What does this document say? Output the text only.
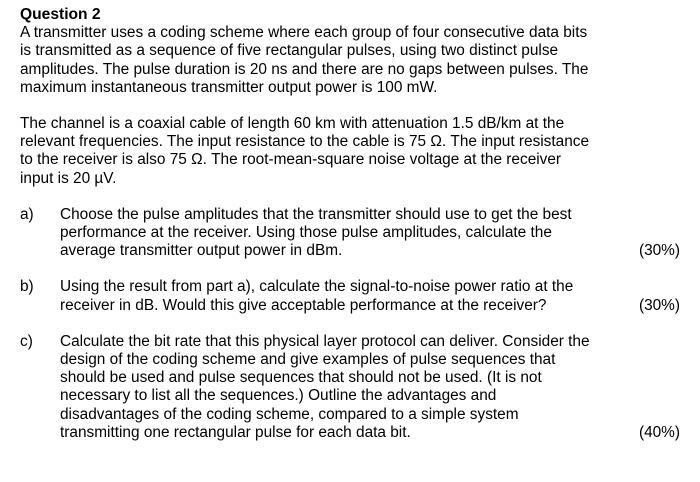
Question 2
A transmitter uses a coding scheme where each group of four consecutive data bits
is transmitted as a sequence of five rectangular pulses, using two distinct pulse
amplitudes. The pulse duration is 20 ns and there are no gaps between pulses. The
maximum instantaneous transmitter output power is 100 mW.
The channel is a coaxial cable of length 60 km with attenuation 1.5 dB/km at the
relevant frequencies. The input resistance to the cable is 75 Ω. The input resistance
to the receiver is also 75 Ω. The root-mean-square noise voltage at the receiver
input is 20 µV.
a) Choose the pulse amplitudes that the transmitter should use to get the best
performance at the receiver. Using those pulse amplitudes, calculate the
average transmitter output power in dBm.	(30%)
b) Using the result from part a), calculate the signal-to-noise power ratio at the
receiver in dB. Would this give acceptable performance at the receiver?	(30%)
c) Calculate the bit rate that this physical layer protocol can deliver. Consider the
design of the coding scheme and give examples of pulse sequences that
should be used and pulse sequences that should not be used. (It is not
necessary to list all the sequences.) Outline the advantages and
disadvantages of the coding scheme, compared to a simple system
transmitting one rectangular pulse for each data bit.	(40%)
